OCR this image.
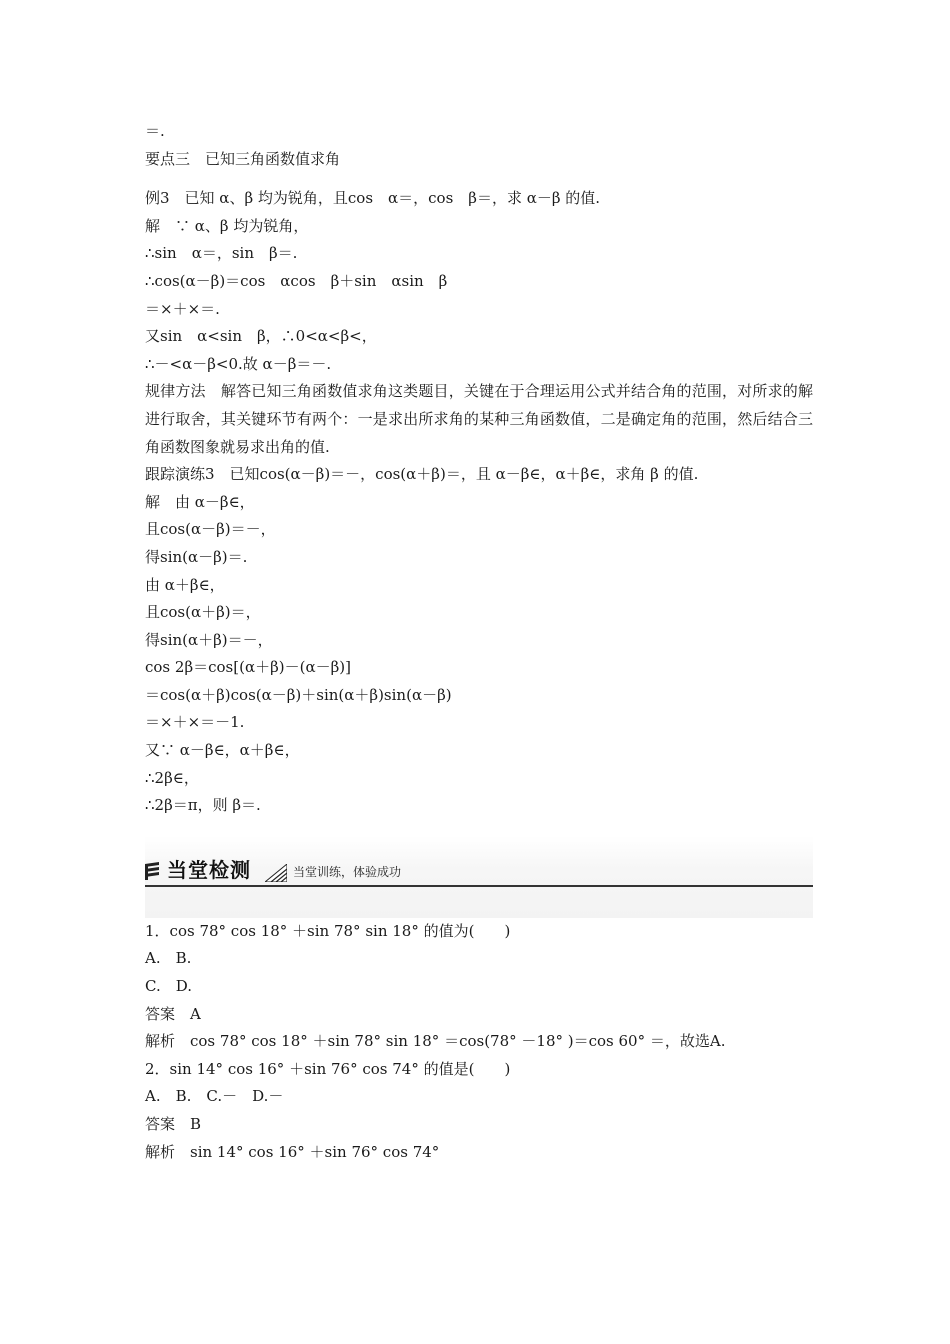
＝.
要点三　已知三角函数值求角
例3　已知 α、β 均为锐角，且cos　α＝，cos　β＝，求 α－β 的值.
解　∵ α、β 均为锐角，
∴sin　α＝，sin　β＝.
∴cos(α－β)＝cos　αcos　β＋sin　αsin　β
＝×＋×＝.
又sin　α<sin　β，∴0<α<β<，
∴－<α－β<0.故 α－β＝－.
规律方法　解答已知三角函数值求角这类题目，关键在于合理运用公式并结合角的范围，对所求的解进行取舍，其关键环节有两个：一是求出所求角的某种三角函数值，二是确定角的范围，然后结合三角函数图象就易求出角的值.
跟踪演练3　已知cos(α－β)＝－，cos(α＋β)＝，且 α－β∈，α＋β∈，求角 β 的值.
解　由 α－β∈，
且cos(α－β)＝－，
得sin(α－β)＝.
由 α＋β∈，
且cos(α＋β)＝，
得sin(α＋β)＝－，
cos 2β＝cos[(α＋β)－(α－β)]
＝cos(α＋β)cos(α－β)＋sin(α＋β)sin(α－β)
＝×＋×＝－1.
又∵ α－β∈，α＋β∈，
∴2β∈，
∴2β＝π，则 β＝.
当堂检测	当堂训练，体验成功
1．cos 78° cos 18° ＋sin 78° sin 18° 的值为(　　)
A.　B.
C.　D.
答案　A
解析　cos 78° cos 18° ＋sin 78° sin 18° ＝cos(78° －18° )＝cos 60° ＝，故选A.
2．sin 14° cos 16° ＋sin 76° cos 74° 的值是(　　)
A.　B.　C.－　D.－
答案　B
解析　sin 14° cos 16° ＋sin 76° cos 74°
